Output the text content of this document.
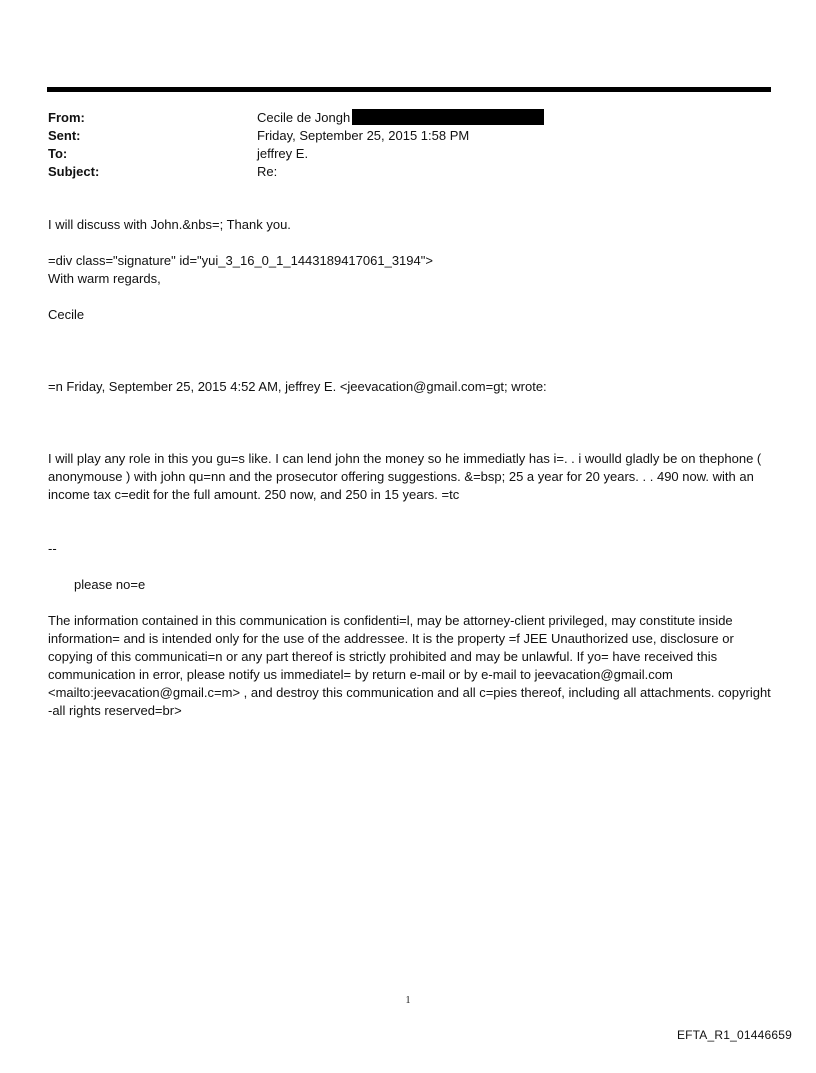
From:	Cecile de Jongh
Sent:	Friday, September 25, 2015 1:58 PM
To:	jeffrey E.
Subject:	Re:

I will discuss with John.&nbs=; Thank you.

=div class="signature" id="yui_3_16_0_1_1443189417061_3194">

With warm regards,

Cecile

=n Friday, September 25, 2015 4:52 AM, jeffrey E. <jeevacation@gmail.com=gt; wrote:

I will play any role in this you gu=s like. I can lend john the money so he immediatly has i=. . i woulld gladly be on thephone ( anonymouse ) with john qu=nn and the prosecutor offering suggestions. &=bsp; 25 a year for 20 years. . . 490 now. with an income tax c=edit for the full amount. 250 now, and 250 in 15 years. =tc

--

please no=e

The information contained in this communication is confidenti=l, may be attorney-client privileged, may constitute inside information= and is intended only for the use of the addressee. It is the property =f JEE Unauthorized use, disclosure or copying of this communicati=n or any part thereof is strictly prohibited and may be unlawful. If yo= have received this communication in error, please notify us immediatel= by return e-mail or by e-mail to jeevacation@gmail.com <mailto:jeevacation@gmail.c=m> , and destroy this communication and all c=pies thereof, including all attachments. copyright -all rights reserved=br>

1
EFTA_R1_01446659
